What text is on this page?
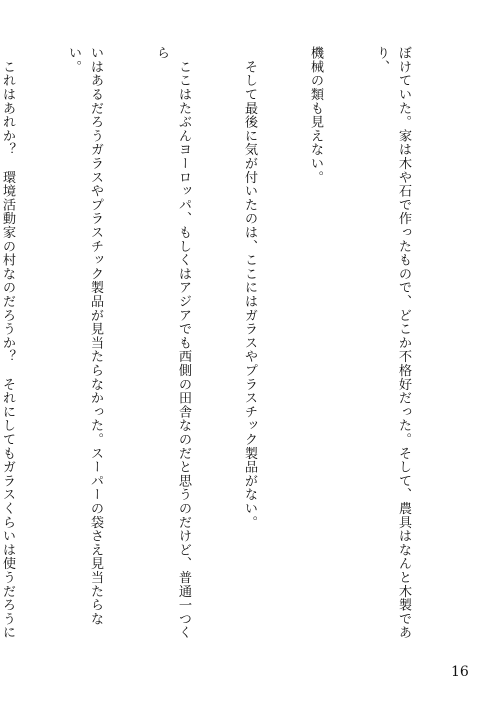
ぼけていた。家は木や石で作ったもので、どこか不格好だった。そして、農具はなんと木製であり、

機械の類も見えない。

　そして最後に気が付いたのは、ここにはガラスやプラスチック製品がない。

　ここはたぶんヨーロッパ、もしくはアジアでも西側の田舎なのだと思うのだけど、普通一つくら

いはあるだろうガラスやプラスチック製品が見当たらなかった。スーパーの袋さえ見当たらない。

　これはあれか？　環境活動家の村なのだろうか？　それにしてもガラスくらいは使うだろうに

16
